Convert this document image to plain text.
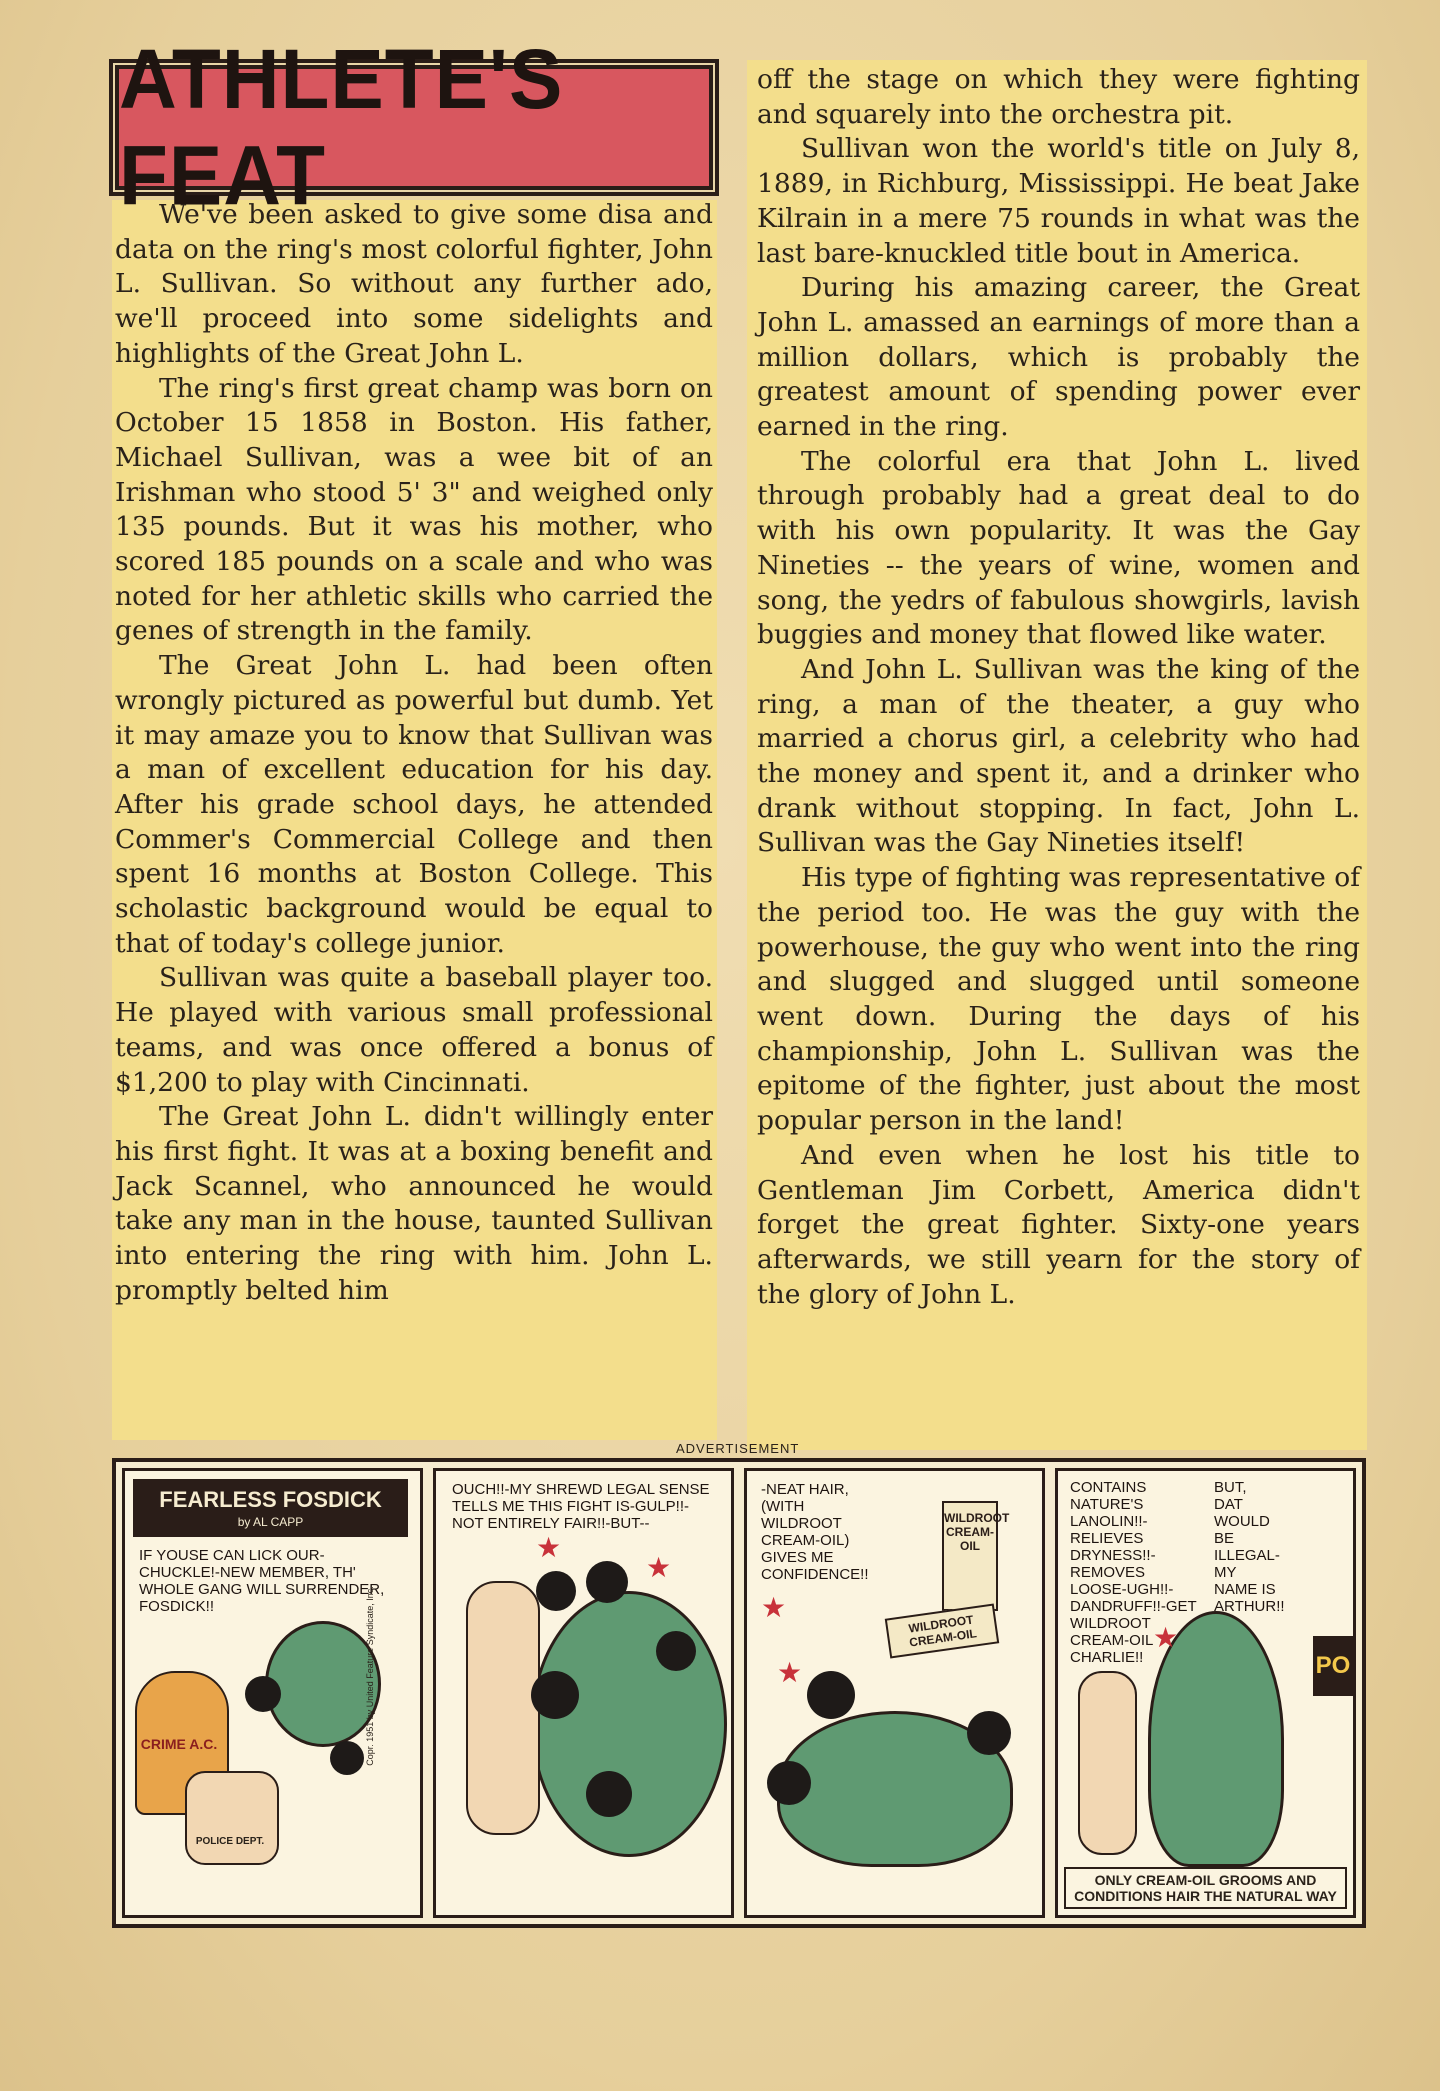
ATHLETE'S FEAT

We've been asked to give some disa and data on the ring's most colorful fighter, John L. Sullivan. So without any further ado, we'll proceed into some sidelights and highlights of the Great John L.

The ring's first great champ was born on October 15 1858 in Boston. His father, Michael Sullivan, was a wee bit of an Irishman who stood 5' 3" and weighed only 135 pounds. But it was his mother, who scored 185 pounds on a scale and who was noted for her athletic skills who carried the genes of strength in the family.

The Great John L. had been often wrongly pictured as powerful but dumb. Yet it may amaze you to know that Sullivan was a man of excellent education for his day. After his grade school days, he attended Commer's Commercial College and then spent 16 months at Boston College. This scholastic background would be equal to that of today's college junior.

Sullivan was quite a baseball player too. He played with various small professional teams, and was once offered a bonus of $1,200 to play with Cincinnati.

The Great John L. didn't willingly enter his first fight. It was at a boxing benefit and Jack Scannel, who announced he would take any man in the house, taunted Sullivan into entering the ring with him. John L. promptly belted him

off the stage on which they were fighting and squarely into the orchestra pit.

Sullivan won the world's title on July 8, 1889, in Richburg, Mississippi. He beat Jake Kilrain in a mere 75 rounds in what was the last bare-knuckled title bout in America.

During his amazing career, the Great John L. amassed an earnings of more than a million dollars, which is probably the greatest amount of spending power ever earned in the ring.

The colorful era that John L. lived through probably had a great deal to do with his own popularity. It was the Gay Nineties -- the years of wine, women and song, the yedrs of fabulous showgirls, lavish buggies and money that flowed like water.

And John L. Sullivan was the king of the ring, a man of the theater, a guy who married a chorus girl, a celebrity who had the money and spent it, and a drinker who drank without stopping. In fact, John L. Sullivan was the Gay Nineties itself!

His type of fighting was representative of the period too. He was the guy with the powerhouse, the guy who went into the ring and slugged and slugged until someone went down. During the days of his championship, John L. Sullivan was the epitome of the fighter, just about the most popular person in the land!

And even when he lost his title to Gentleman Jim Corbett, America didn't forget the great fighter. Sixty-one years afterwards, we still yearn for the story of the glory of John L.

ADVERTISEMENT
FEARLESS FOSDICK
by AL CAPP
IF YOUSE CAN LICK OUR-CHUCKLE!-NEW MEMBER, TH' WHOLE GANG WILL SURRENDER, FOSDICK!!
CRIME A.C.
POLICE DEPT.
Copr. 1951 by United Feature Syndicate, Inc.
OUCH!!-MY SHREWD LEGAL SENSE TELLS ME THIS FIGHT IS-GULP!!-NOT ENTIRELY FAIR!!-BUT--
★
★
-NEAT HAIR, (WITH WILDROOT CREAM-OIL) GIVES ME CONFIDENCE!!
WILDROOT CREAM-OIL
WILDROOT CREAM-OIL
★
★
CONTAINS NATURE'S LANOLIN!!-RELIEVES DRYNESS!!-REMOVES LOOSE-UGH!!-DANDRUFF!!-GET WILDROOT CREAM-OIL CHARLIE!!
BUT, DAT WOULD BE ILLEGAL-MY NAME IS ARTHUR!!
PO
★
ONLY CREAM-OIL GROOMS AND CONDITIONS HAIR THE NATURAL WAY
